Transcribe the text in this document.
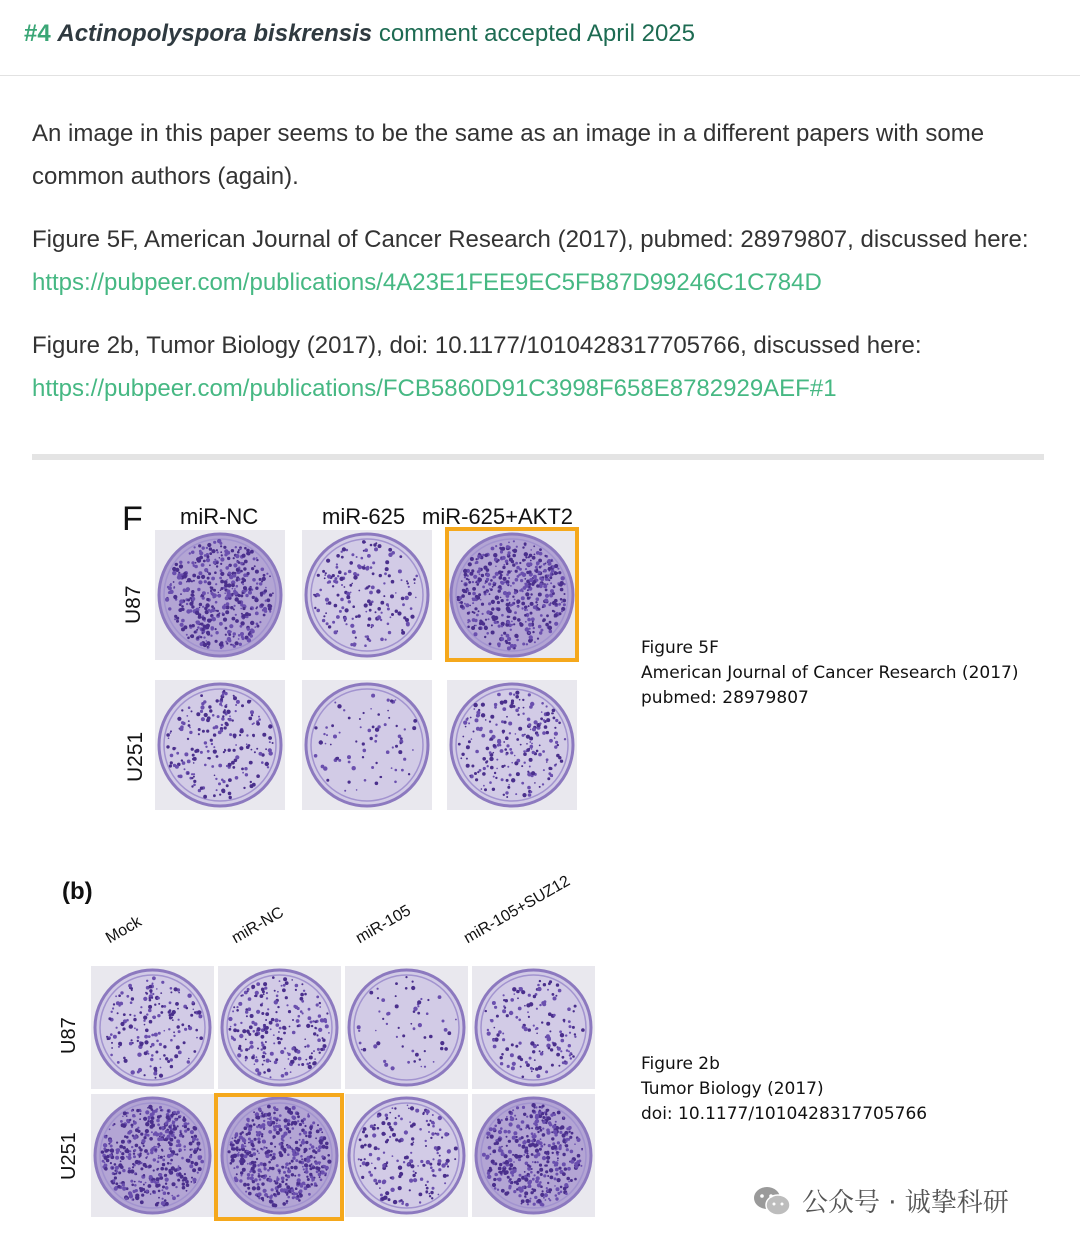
#4 Actinopolyspora biskrensis comment accepted April 2025

An image in this paper seems to be the same as an image in a different papers with some common authors (again).

Figure 5F, American Journal of Cancer Research (2017), pubmed: 28979807, discussed here:
https://pubpeer.com/publications/4A23E1FEE9EC5FB87D99246C1C784D

Figure 2b, Tumor Biology (2017), doi: 10.1177/1010428317705766, discussed here:
https://pubpeer.com/publications/FCB5860D91C3998F658E8782929AEF#1

F miR-NC	miR-625 miR-625+AKT2
U87
U251
Figure 5F
American Journal of Cancer Research (2017)
pubmed: 28979807
(b)
Mock	miR-NC	miR-105	miR-105+SUZ12
U87
U251
Figure 2b
Tumor Biology (2017)
doi: 10.1177/1010428317705766
公众号 · 诚挚科研
